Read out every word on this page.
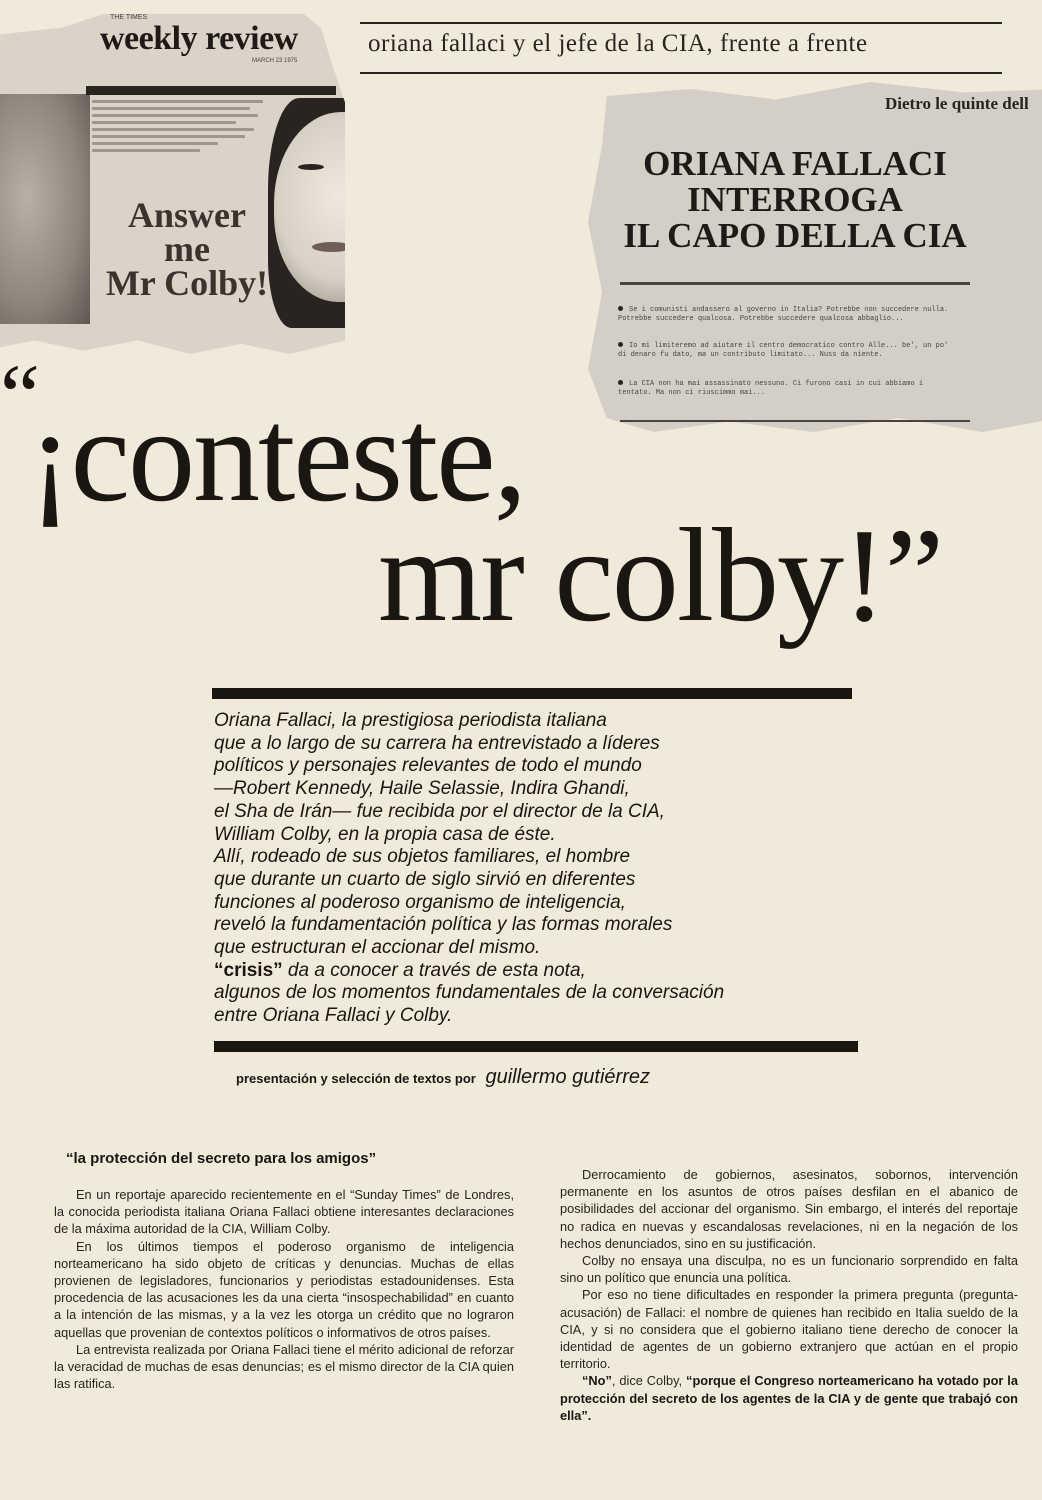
oriana fallaci y el jefe de la CIA, frente a frente
THE TIMES
weekly review
MARCH 23 1975
Answer
me
Mr Colby!
Dietro le quinte dell
ORIANA FALLACI
INTERROGA
IL CAPO DELLA CIA
Se i comunisti andassero al governo in Italia? Potrebbe non succedere nulla. Potrebbe succedere qualcosa. Potrebbe succedere qualcosa abbaglio...
Io mi limiteremo ad aiutare il centro democratico contro Alle... be', un po' di denaro fu dato, ma un contributo limitato... Nuss da niente.
La CIA non ha mai assassinato nessuno. Ci furono casi in cui abbiamo i tentato. Ma non ci riuscimmo mai...
“
¡conteste,
mr colby!”
Oriana Fallaci, la prestigiosa periodista italiana
que a lo largo de su carrera ha entrevistado a líderes
políticos y personajes relevantes de todo el mundo
—Robert Kennedy, Haile Selassie, Indira Ghandi,
el Sha de Irán— fue recibida por el director de la CIA,
William Colby, en la propia casa de éste.
Allí, rodeado de sus objetos familiares, el hombre
que durante un cuarto de siglo sirvió en diferentes
funciones al poderoso organismo de inteligencia,
reveló la fundamentación política y las formas morales
que estructuran el accionar del mismo.
“crisis” da a conocer a través de esta nota,
algunos de los momentos fundamentales de la conversación
entre Oriana Fallaci y Colby.
presentación y selección de textos por guillermo gutiérrez
“la protección del secreto para los amigos”

En un reportaje aparecido recientemente en el “Sunday Times” de Londres, la conocida periodista italiana Oriana Fallaci obtiene interesantes declaraciones de la máxima autoridad de la CIA, William Colby.

En los últimos tiempos el poderoso organismo de inteligencia norteamericano ha sido objeto de críticas y denuncias. Muchas de ellas provienen de legisladores, funcionarios y periodistas estadounidenses. Esta procedencia de las acusaciones les da una cierta “insospechabilidad” en cuanto a la intención de las mismas, y a la vez les otorga un crédito que no lograron aquellas que provenian de contextos políticos o informativos de otros países.

La entrevista realizada por Oriana Fallaci tiene el mérito adicional de reforzar la veracidad de muchas de esas denuncias; es el mismo director de la CIA quien las ratifica.

Derrocamiento de gobiernos, asesinatos, sobornos, intervención permanente en los asuntos de otros países desfilan en el abanico de posibilidades del accionar del organismo. Sin embargo, el interés del reportaje no radica en nuevas y escandalosas revelaciones, ni en la negación de los hechos denunciados, sino en su justificación.

Colby no ensaya una disculpa, no es un funcionario sorprendido en falta sino un político que enuncia una política.

Por eso no tiene dificultades en responder la primera pregunta (pregunta- acusación) de Fallaci: el nombre de quienes han recibido en Italia sueldo de la CIA, y si no considera que el gobierno italiano tiene derecho de conocer la identidad de agentes de un gobierno extranjero que actúan en el propio territorio.

“No”, dice Colby, “porque el Congreso norteamericano ha votado por la protección del secreto de los agentes de la CIA y de gente que trabajó con ella”.
